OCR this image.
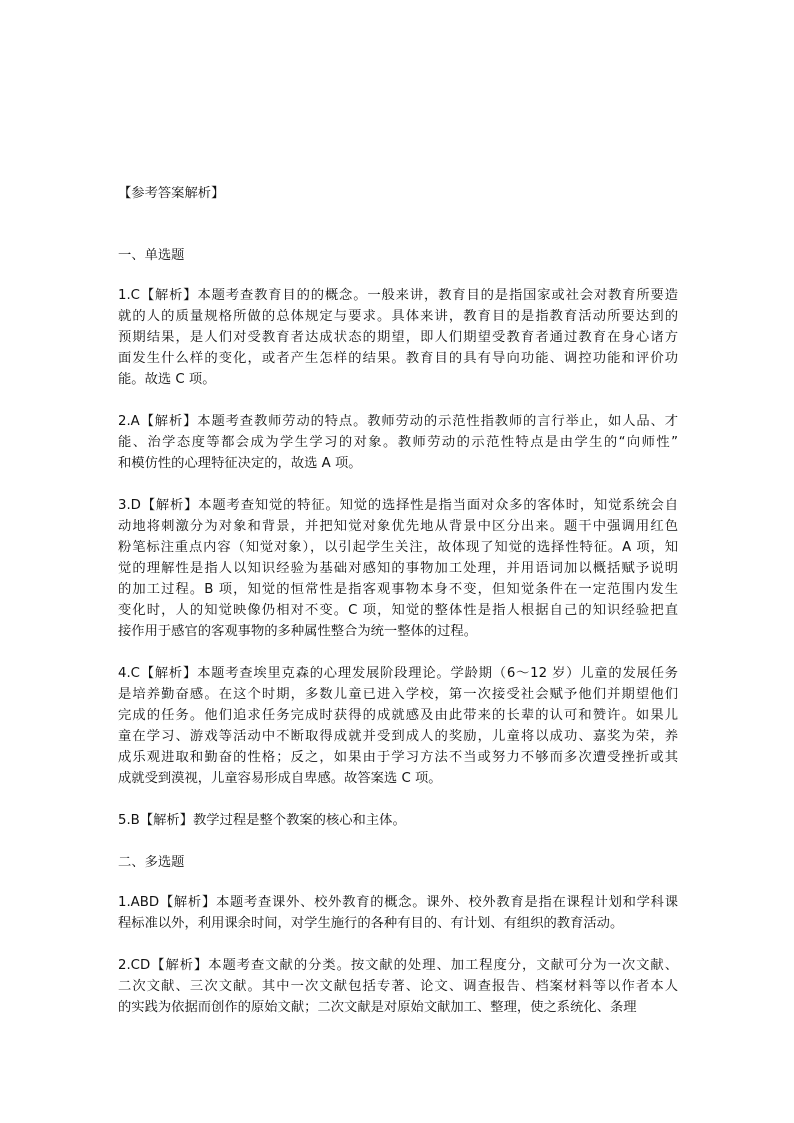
【参考答案解析】
一、单选题
1.C【解析】本题考查教育目的的概念。一般来讲，教育目的是指国家或社会对教育所要造
就的人的质量规格所做的总体规定与要求。具体来讲，教育目的是指教育活动所要达到的
预期结果，是人们对受教育者达成状态的期望，即人们期望受教育者通过教育在身心诸方
面发生什么样的变化，或者产生怎样的结果。教育目的具有导向功能、调控功能和评价功
能。故选 C 项。
2.A【解析】本题考查教师劳动的特点。教师劳动的示范性指教师的言行举止，如人品、才
能、治学态度等都会成为学生学习的对象。教师劳动的示范性特点是由学生的“向师性”
和模仿性的心理特征决定的，故选 A 项。
3.D【解析】本题考查知觉的特征。知觉的选择性是指当面对众多的客体时，知觉系统会自
动地将刺激分为对象和背景，并把知觉对象优先地从背景中区分出来。题干中强调用红色
粉笔标注重点内容（知觉对象），以引起学生关注，故体现了知觉的选择性特征。A 项，知
觉的理解性是指人以知识经验为基础对感知的事物加工处理，并用语词加以概括赋予说明
的加工过程。B 项，知觉的恒常性是指客观事物本身不变，但知觉条件在一定范围内发生
变化时，人的知觉映像仍相对不变。C 项，知觉的整体性是指人根据自己的知识经验把直
接作用于感官的客观事物的多种属性整合为统一整体的过程。
4.C【解析】本题考查埃里克森的心理发展阶段理论。学龄期（6～12 岁）儿童的发展任务
是培养勤奋感。在这个时期，多数儿童已进入学校，第一次接受社会赋予他们并期望他们
完成的任务。他们追求任务完成时获得的成就感及由此带来的长辈的认可和赞许。如果儿
童在学习、游戏等活动中不断取得成就并受到成人的奖励，儿童将以成功、嘉奖为荣，养
成乐观进取和勤奋的性格；反之，如果由于学习方法不当或努力不够而多次遭受挫折或其
成就受到漠视，儿童容易形成自卑感。故答案选 C 项。
5.B【解析】教学过程是整个教案的核心和主体。
二、多选题
1.ABD【解析】本题考查课外、校外教育的概念。课外、校外教育是指在课程计划和学科课
程标准以外，利用课余时间，对学生施行的各种有目的、有计划、有组织的教育活动。
2.CD【解析】本题考查文献的分类。按文献的处理、加工程度分，文献可分为一次文献、
二次文献、三次文献。其中一次文献包括专著、论文、调查报告、档案材料等以作者本人
的实践为依据而创作的原始文献；二次文献是对原始文献加工、整理，使之系统化、条理
